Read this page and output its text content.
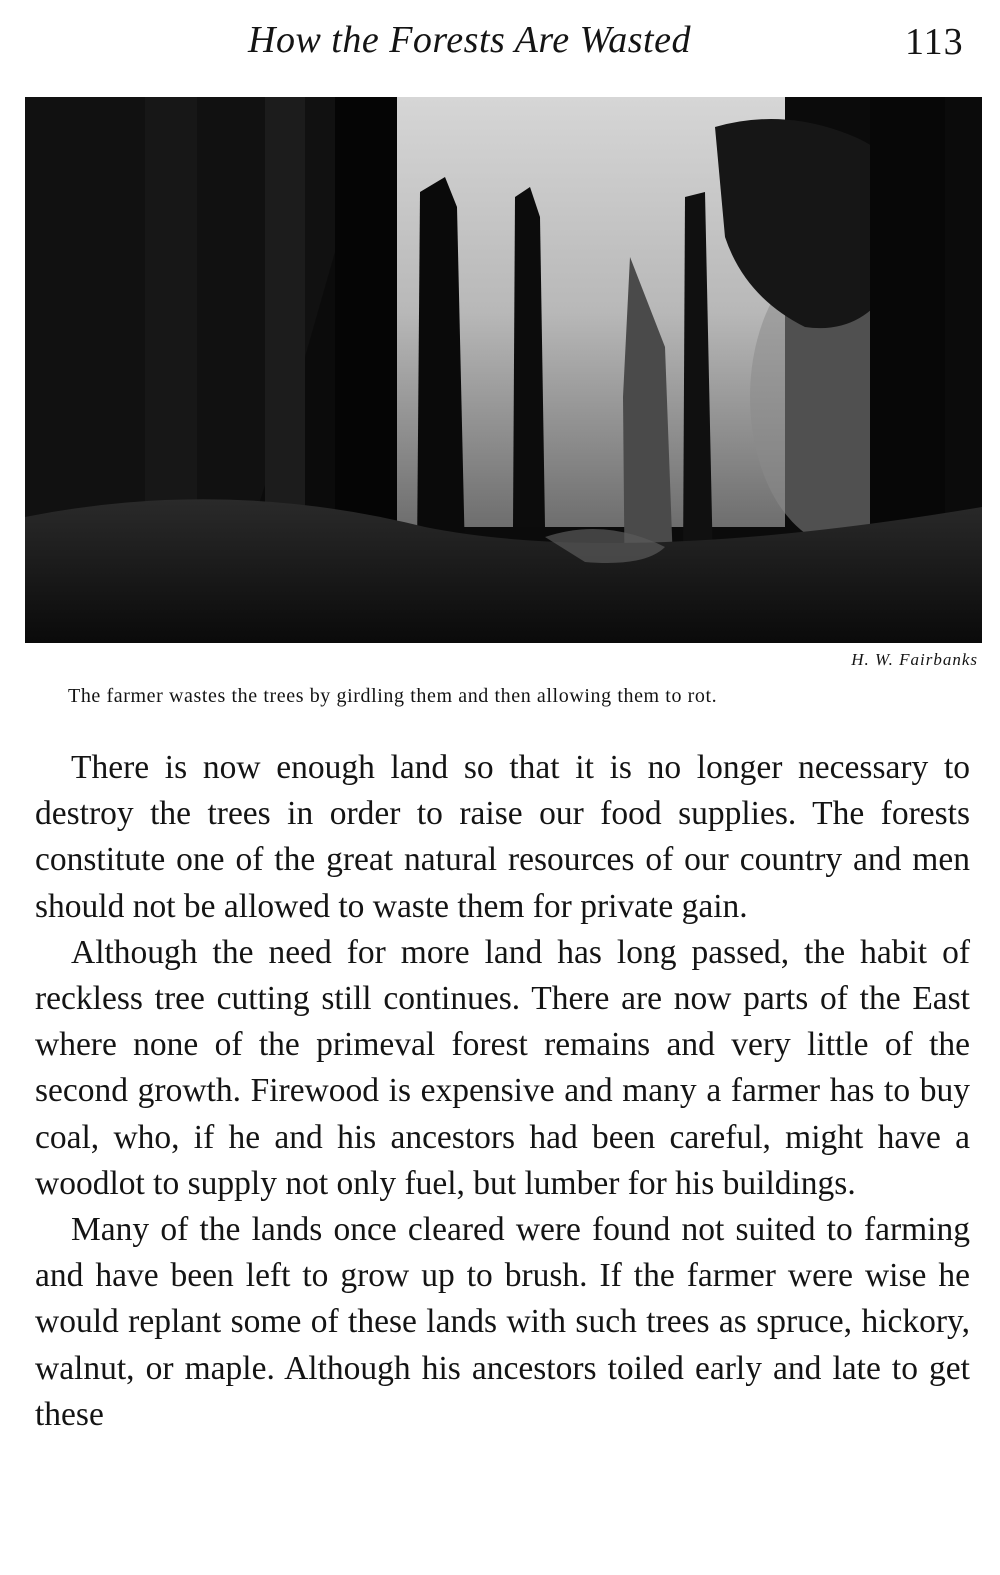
How the Forests Are Wasted	113
H. W. Fairbanks
The farmer wastes the trees by girdling them and then allowing them to rot.

There is now enough land so that it is no longer necessary to destroy the trees in order to raise our food supplies. The forests constitute one of the great natural resources of our country and men should not be allowed to waste them for private gain.

Although the need for more land has long passed, the habit of reckless tree cutting still continues. There are now parts of the East where none of the primeval forest remains and very little of the second growth. Firewood is expensive and many a farmer has to buy coal, who, if he and his ancestors had been careful, might have a woodlot to supply not only fuel, but lumber for his buildings.

Many of the lands once cleared were found not suited to farming and have been left to grow up to brush. If the farmer were wise he would replant some of these lands with such trees as spruce, hickory, walnut, or maple. Although his ancestors toiled early and late to get these
